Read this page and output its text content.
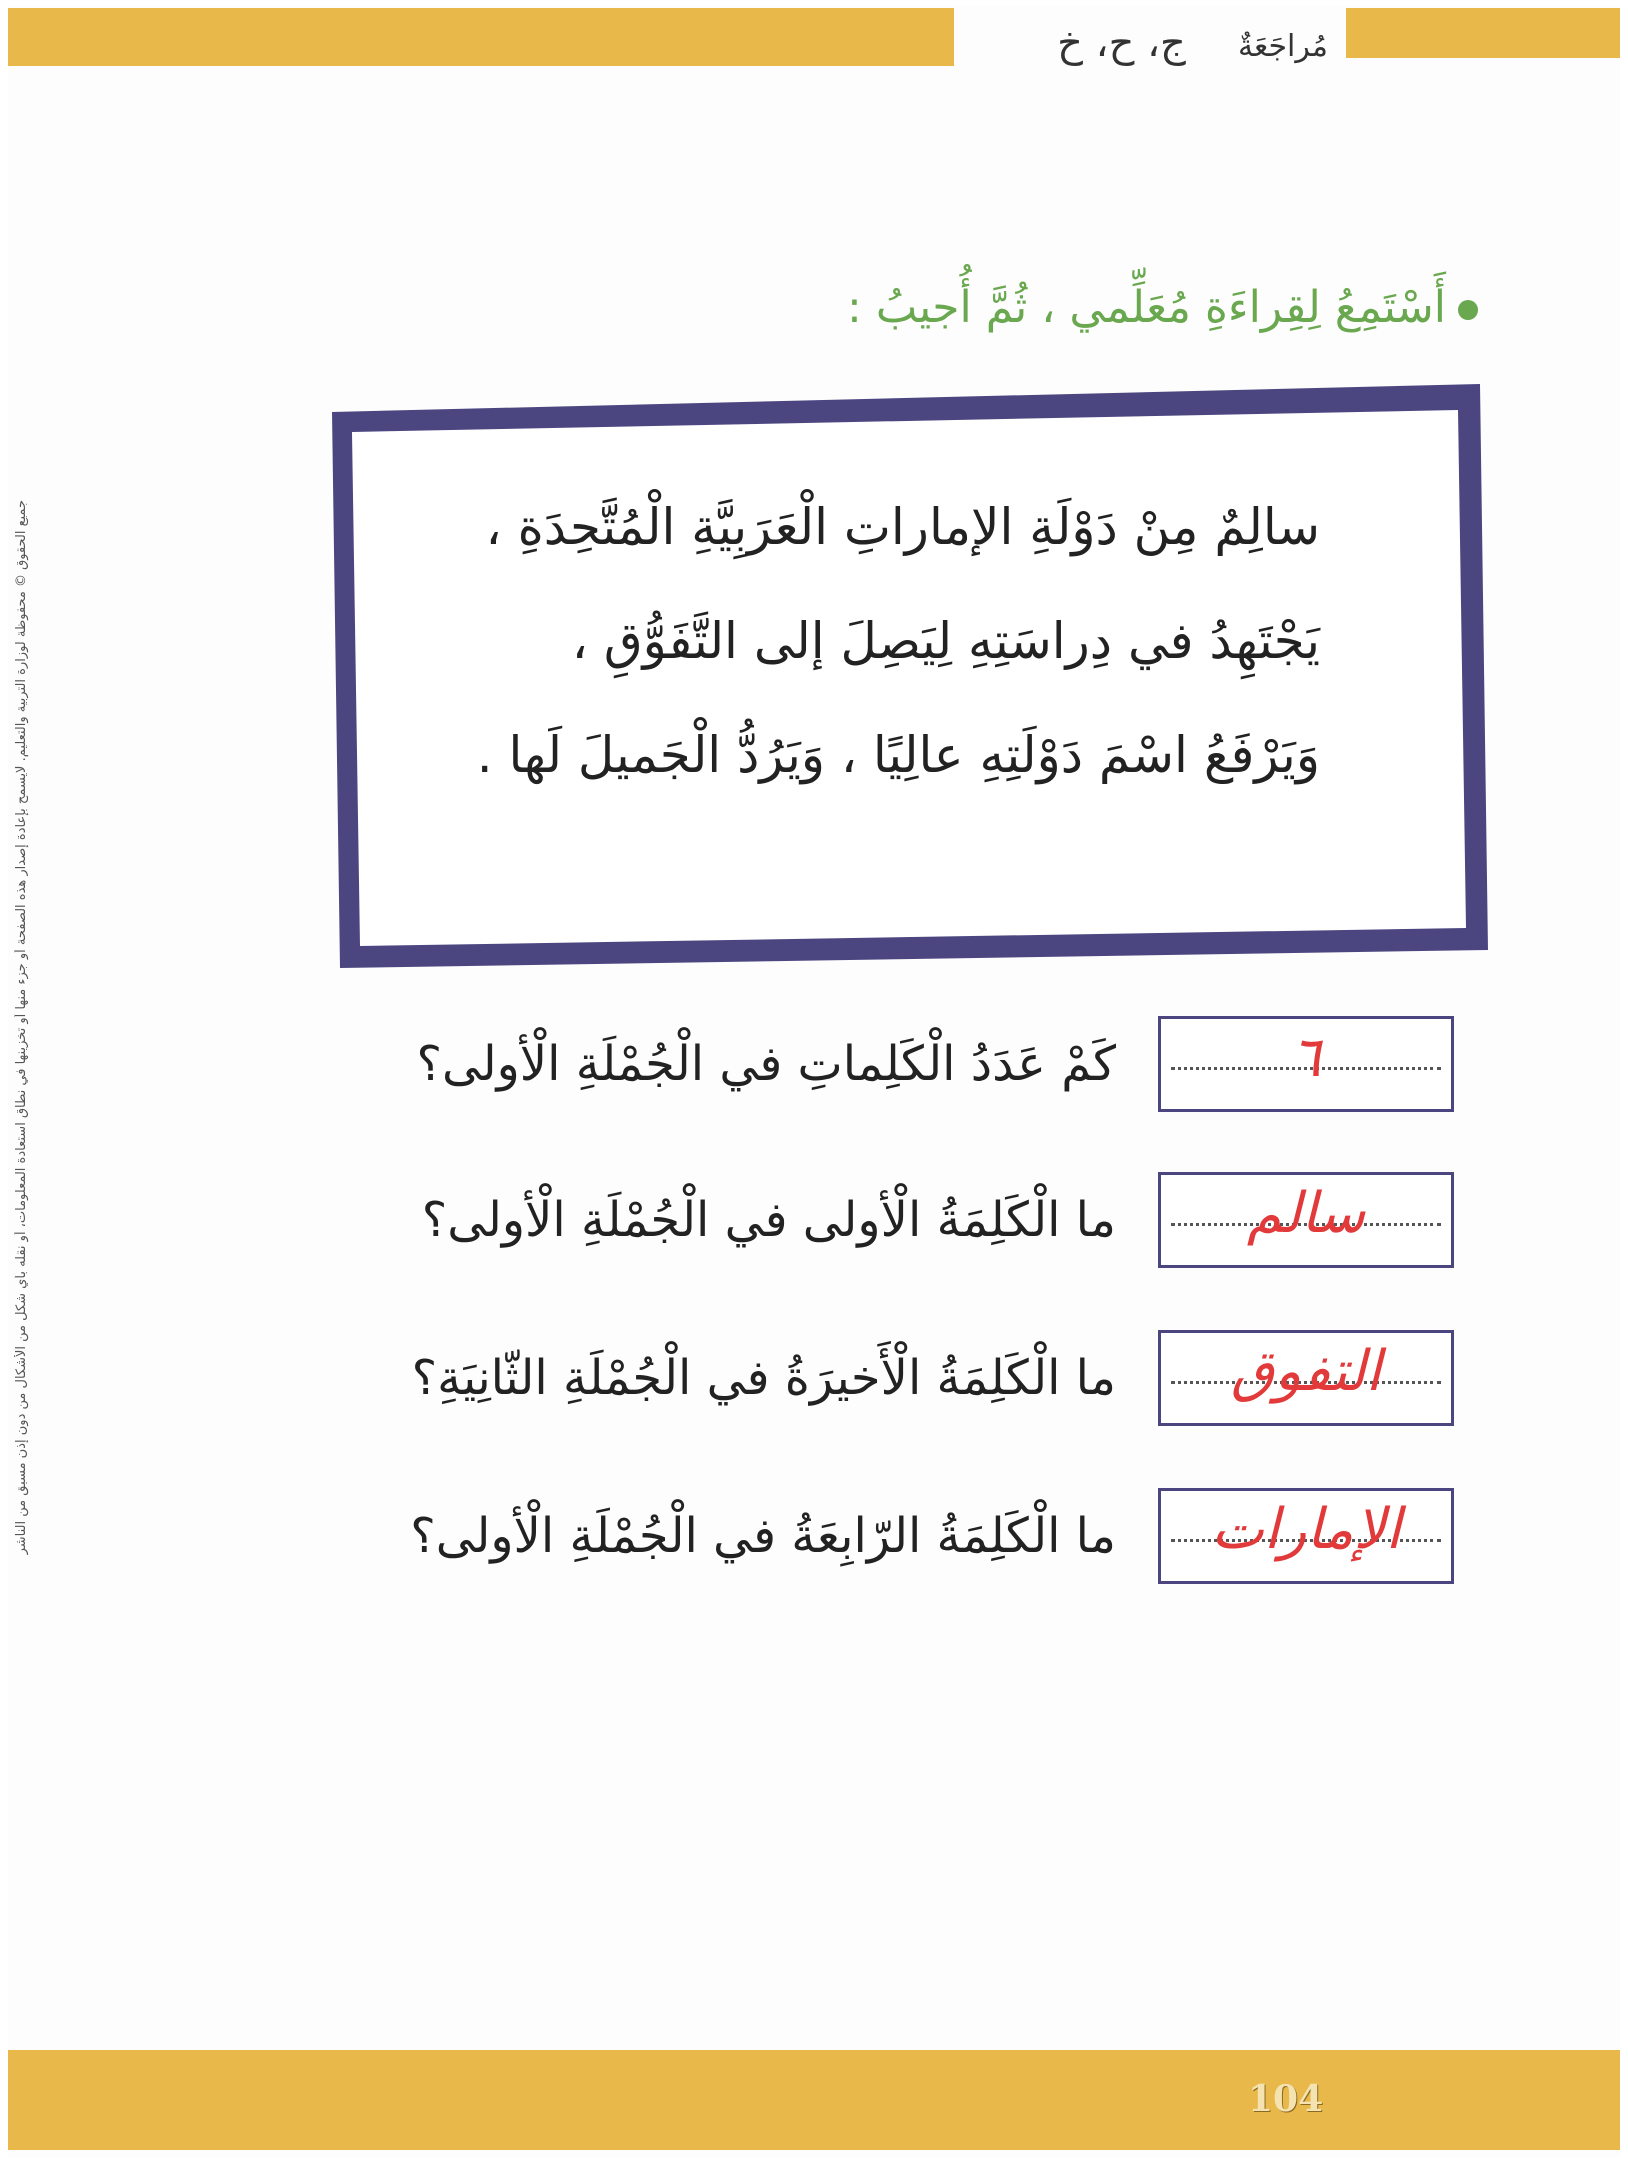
مُراجَعَةٌ ج، ح، خ
جميع الحقوق © محفوظة لوزارة التربية والتعليم. لايسمح بإعادة إصدار هذه الصفحة أو جزء منها أو تخزينها في نطاق استعادة المعلومات، أو نقله بأي شكل من الأشكال من دون إذن مسبق من الناشر
أَسْتَمِعُ لِقِراءَةِ مُعَلِّمي ، ثُمَّ أُجيبُ :
سالِمٌ مِنْ دَوْلَةِ الإماراتِ الْعَرَبِيَّةِ الْمُتَّحِدَةِ ،
يَجْتَهِدُ في دِراسَتِهِ لِيَصِلَ إلى التَّفَوُّقِ ،
وَيَرْفَعُ اسْمَ دَوْلَتِهِ عالِيًا ، وَيَرُدُّ الْجَميلَ لَها .
٦
كَمْ عَدَدُ الْكَلِماتِ في الْجُمْلَةِ الْأولى؟
سالم
ما الْكَلِمَةُ الْأولى في الْجُمْلَةِ الْأولى؟
التفوق
ما الْكَلِمَةُ الْأَخيرَةُ في الْجُمْلَةِ الثّانِيَةِ؟
الإمارات
ما الْكَلِمَةُ الرّابِعَةُ في الْجُمْلَةِ الْأولى؟
104
